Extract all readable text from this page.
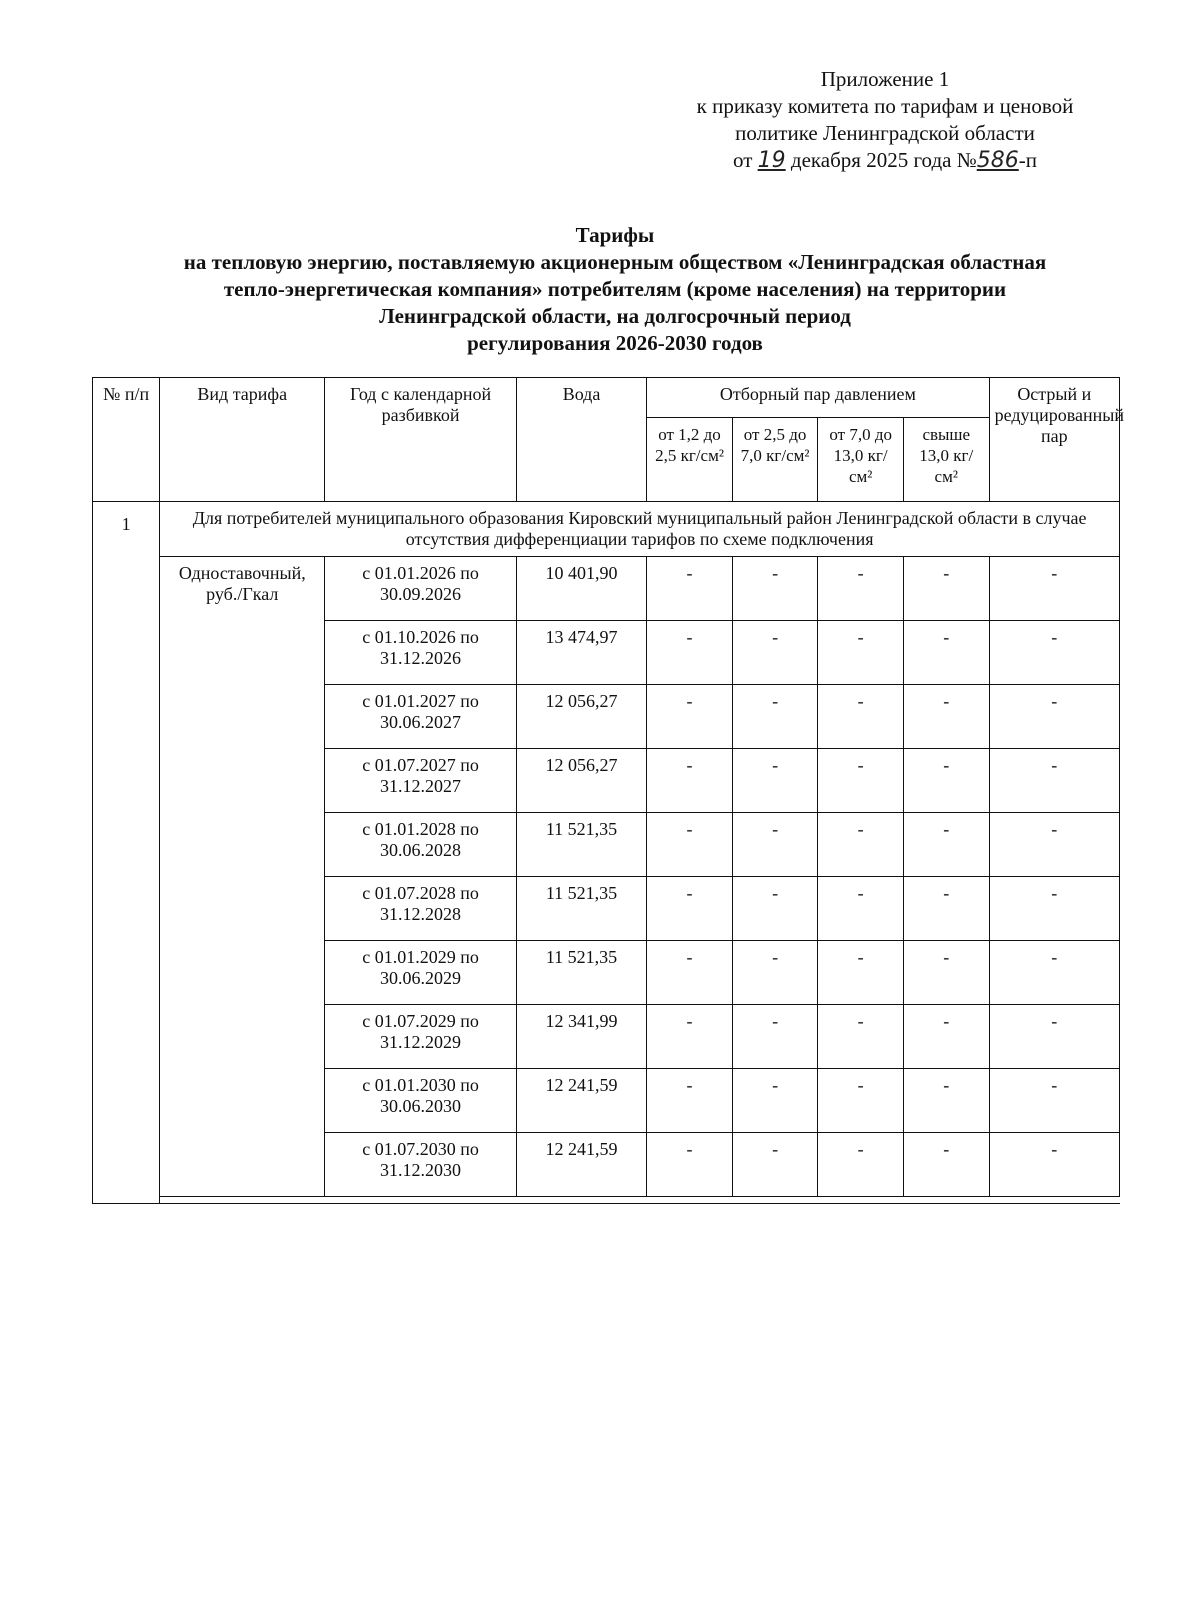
Приложение 1
к приказу комитета по тарифам и ценовой
политике Ленинградской области
от 19 декабря 2025 года №586-п
Тарифы
на тепловую энергию, поставляемую акционерным обществом «Ленинградская областная
тепло-энергетическая компания» потребителям (кроме населения) на территории
Ленинградской области, на долгосрочный период
регулирования 2026-2030 годов
№ п/п	Вид тарифа	Год с календарной разбивкой	Вода	Отборный пар давлением				Острый и редуцированный пар
				от 1,2 до 2,5 кг/см²	от 2,5 до 7,0 кг/см²	от 7,0 до 13,0 кг/см²	свыше 13,0 кг/см²	
1	Для потребителей муниципального образования Кировский муниципальный район Ленинградской области в случае отсутствия дифференциации тарифов по схеме подключения							
	Одноставочный, руб./Гкал	с 01.01.2026 по 30.09.2026	10 401,90	-	-	-	-	-
		с 01.10.2026 по 31.12.2026	13 474,97	-	-	-	-	-
		с 01.01.2027 по 30.06.2027	12 056,27	-	-	-	-	-
		с 01.07.2027 по 31.12.2027	12 056,27	-	-	-	-	-
		с 01.01.2028 по 30.06.2028	11 521,35	-	-	-	-	-
		с 01.07.2028 по 31.12.2028	11 521,35	-	-	-	-	-
		с 01.01.2029 по 30.06.2029	11 521,35	-	-	-	-	-
		с 01.07.2029 по 31.12.2029	12 341,99	-	-	-	-	-
		с 01.01.2030 по 30.06.2030	12 241,59	-	-	-	-	-
		с 01.07.2030 по 31.12.2030	12 241,59	-	-	-	-	-
